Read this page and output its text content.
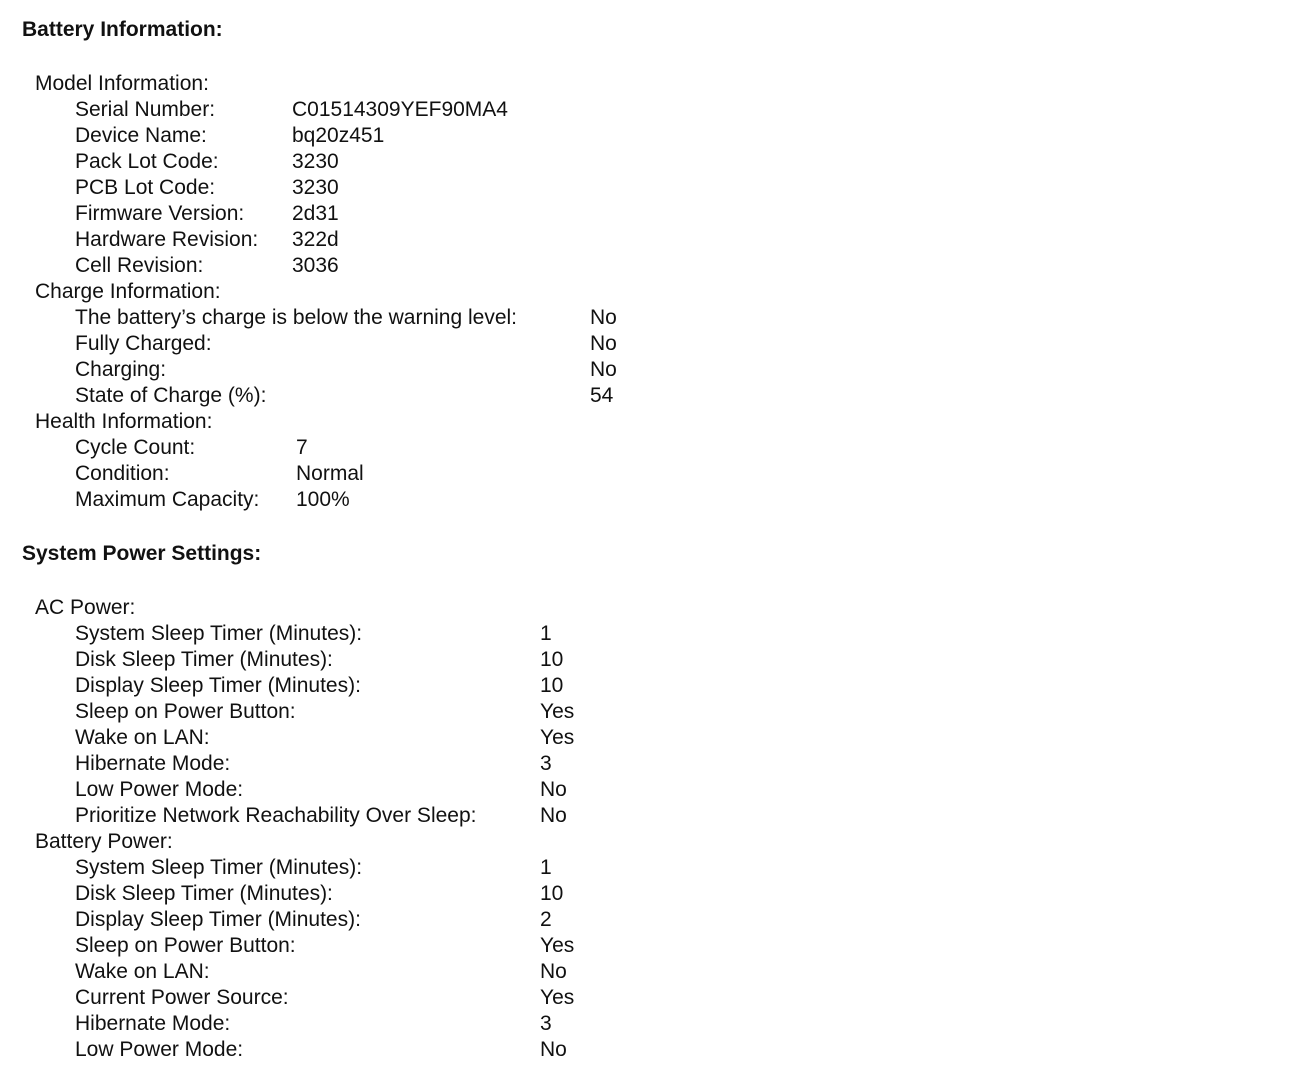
Battery Information:
Model Information:
Serial Number:	C01514309YEF90MA4
Device Name:	bq20z451
Pack Lot Code:	3230
PCB Lot Code:	3230
Firmware Version: 2d31
Hardware Revision: 322d
Cell Revision:	3036
Charge Information:
The battery’s charge is below the warning level:	No
Fully Charged:	No
Charging:	No
State of Charge (%):	54
Health Information:
Cycle Count:	7
Condition:	Normal
Maximum Capacity: 100%
System Power Settings:
AC Power:
System Sleep Timer (Minutes):	1
Disk Sleep Timer (Minutes):	10
Display Sleep Timer (Minutes):	10
Sleep on Power Button:	Yes
Wake on LAN:	Yes
Hibernate Mode:	3
Low Power Mode:	No
Prioritize Network Reachability Over Sleep:	No
Battery Power:
System Sleep Timer (Minutes):	1
Disk Sleep Timer (Minutes):	10
Display Sleep Timer (Minutes):	2
Sleep on Power Button:	Yes
Wake on LAN:	No
Current Power Source:	Yes
Hibernate Mode:	3
Low Power Mode:	No
